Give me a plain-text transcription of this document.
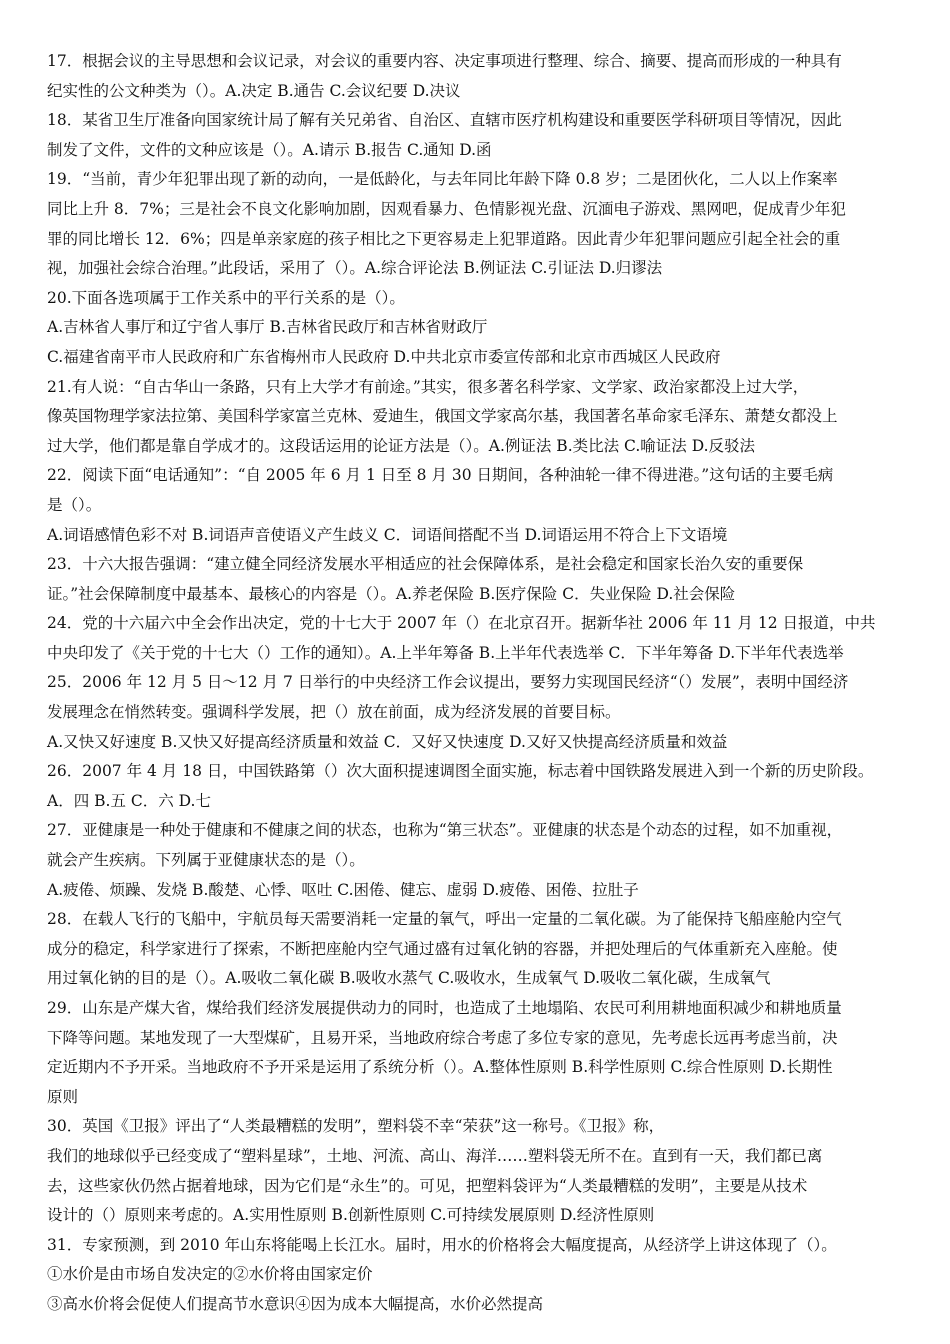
17．根据会议的主导思想和会议记录，对会议的重要内容、决定事项进行整理、综合、摘要、提高而形成的一种具有
纪实性的公文种类为（）。A.决定 B.通告 C.会议纪要 D.决议
18．某省卫生厅准备向国家统计局了解有关兄弟省、自治区、直辖市医疗机构建设和重要医学科研项目等情况，因此
制发了文件，文件的文种应该是（）。A.请示 B.报告 C.通知 D.函
19．“当前，青少年犯罪出现了新的动向，一是低龄化，与去年同比年龄下降 0.8 岁；二是团伙化，二人以上作案率
同比上升 8．7%；三是社会不良文化影响加剧，因观看暴力、色情影视光盘、沉湎电子游戏、黑网吧，促成青少年犯
罪的同比增长 12．6%；四是单亲家庭的孩子相比之下更容易走上犯罪道路。因此青少年犯罪问题应引起全社会的重
视，加强社会综合治理。”此段话，采用了（）。A.综合评论法 B.例证法 C.引证法 D.归谬法
20.下面各选项属于工作关系中的平行关系的是（）。
A.吉林省人事厅和辽宁省人事厅 B.吉林省民政厅和吉林省财政厅
C.福建省南平市人民政府和广东省梅州市人民政府 D.中共北京市委宣传部和北京市西城区人民政府
21.有人说：“自古华山一条路，只有上大学才有前途。”其实，很多著名科学家、文学家、政治家都没上过大学，
像英国物理学家法拉第、美国科学家富兰克林、爱迪生，俄国文学家高尔基，我国著名革命家毛泽东、萧楚女都没上
过大学，他们都是靠自学成才的。这段话运用的论证方法是（）。A.例证法 B.类比法 C.喻证法 D.反驳法
22．阅读下面“电话通知”：“自 2005 年 6 月 1 日至 8 月 30 日期间，各种油轮一律不得进港。”这句话的主要毛病
是（）。
A.词语感情色彩不对 B.词语声音使语义产生歧义 C．词语间搭配不当 D.词语运用不符合上下文语境
23．十六大报告强调：“建立健全同经济发展水平相适应的社会保障体系，是社会稳定和国家长治久安的重要保
证。”社会保障制度中最基本、最核心的内容是（）。A.养老保险 B.医疗保险 C．失业保险 D.社会保险
24．党的十六届六中全会作出决定，党的十七大于 2007 年（）在北京召开。据新华社 2006 年 11 月 12 日报道，中共
中央印发了《关于党的十七大（）工作的通知）。A.上半年筹备 B.上半年代表选举 C．下半年筹备 D.下半年代表选举
25．2006 年 12 月 5 日～12 月 7 日举行的中央经济工作会议提出，要努力实现国民经济“（）发展”，表明中国经济
发展理念在悄然转变。强调科学发展，把（）放在前面，成为经济发展的首要目标。
A.又快又好速度 B.又快又好提高经济质量和效益 C．又好又快速度 D.又好又快提高经济质量和效益
26．2007 年 4 月 18 日，中国铁路第（）次大面积提速调图全面实施，标志着中国铁路发展进入到一个新的历史阶段。
A．四 B.五 C．六 D.七
27．亚健康是一种处于健康和不健康之间的状态，也称为“第三状态”。亚健康的状态是个动态的过程，如不加重视，
就会产生疾病。下列属于亚健康状态的是（）。
A.疲倦、烦躁、发烧 B.酸楚、心悸、呕吐 C.困倦、健忘、虚弱 D.疲倦、困倦、拉肚子
28．在载人飞行的飞船中，宇航员每天需要消耗一定量的氧气，呼出一定量的二氧化碳。为了能保持飞船座舱内空气
成分的稳定，科学家进行了探索，不断把座舱内空气通过盛有过氧化钠的容器，并把处理后的气体重新充入座舱。使
用过氧化钠的目的是（）。A.吸收二氧化碳 B.吸收水蒸气 C.吸收水，生成氧气 D.吸收二氧化碳，生成氧气
29．山东是产煤大省，煤给我们经济发展提供动力的同时，也造成了土地塌陷、农民可利用耕地面积减少和耕地质量
下降等问题。某地发现了一大型煤矿，且易开采，当地政府综合考虑了多位专家的意见，先考虑长远再考虑当前，决
定近期内不予开采。当地政府不予开采是运用了系统分析（）。A.整体性原则 B.科学性原则 C.综合性原则 D.长期性
原则
30．英国《卫报》评出了“人类最糟糕的发明”，塑料袋不幸“荣获”这一称号。《卫报》称，
我们的地球似乎已经变成了“塑料星球”，土地、河流、高山、海洋……塑料袋无所不在。直到有一天，我们都已离
去，这些家伙仍然占据着地球，因为它们是“永生”的。可见，把塑料袋评为“人类最糟糕的发明”，主要是从技术
设计的（）原则来考虑的。A.实用性原则 B.创新性原则 C.可持续发展原则 D.经济性原则
31．专家预测，到 2010 年山东将能喝上长江水。届时，用水的价格将会大幅度提高，从经济学上讲这体现了（）。
①水价是由市场自发决定的②水价将由国家定价
③高水价将会促使人们提高节水意识④因为成本大幅提高，水价必然提高
